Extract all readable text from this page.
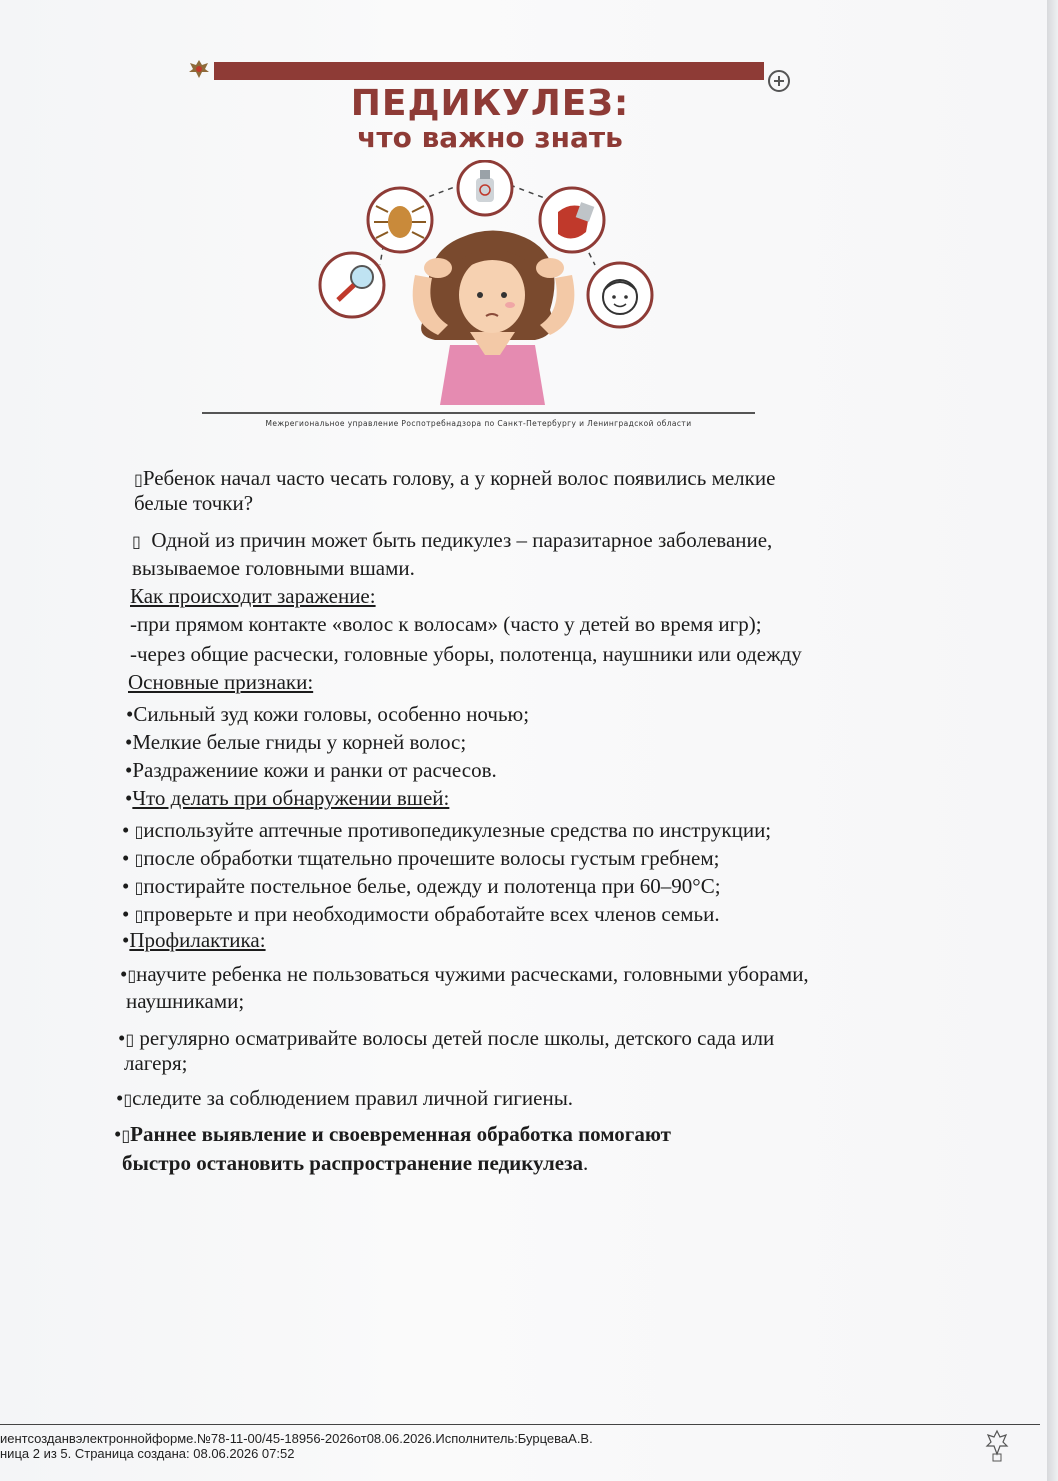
ПЕДИКУЛЕЗ:
что важно знать
Межрегиональное управление Роспотребнадзора по Санкт-Петербургу и Ленинградской области
▯Ребенок начал часто чесать голову, а у корней волос появились мелкие
белые точки?
▯ Одной из причин может быть педикулез – паразитарное заболевание,
вызываемое головными вшами.
Как происходит заражение:
-при прямом контакте «волос к волосам» (часто у детей во время игр);
-через общие расчески, головные уборы, полотенца, наушники или одежду
Основные признаки:
•Сильный зуд кожи головы, особенно ночью;
•Мелкие белые гниды у корней волос;
•Раздражениие кожи и ранки от расчесов.
•Что делать при обнаружении вшей:
• ▯используйте аптечные противопедикулезные средства по инструкции;
• ▯после обработки тщательно прочешите волосы густым гребнем;
• ▯постирайте постельное белье, одежду и полотенца при 60–90°С;
• ▯проверьте и при необходимости обработайте всех членов семьи.
•Профилактика:
•▯научите ребенка не пользоваться чужими расческами, головными уборами,
наушниками;
•▯ регулярно осматривайте волосы детей после школы, детского сада или
лагеря;
•▯следите за соблюдением правил личной гигиены.
•▯Раннее выявление и своевременная обработка помогают
быстро остановить распространение педикулеза.
иентсозданвэлектроннойформе.№78-11-00/45-18956-2026от08.06.2026.Исполнитель:БурцеваА.В.
ница 2 из 5. Страница создана: 08.06.2026 07:52
